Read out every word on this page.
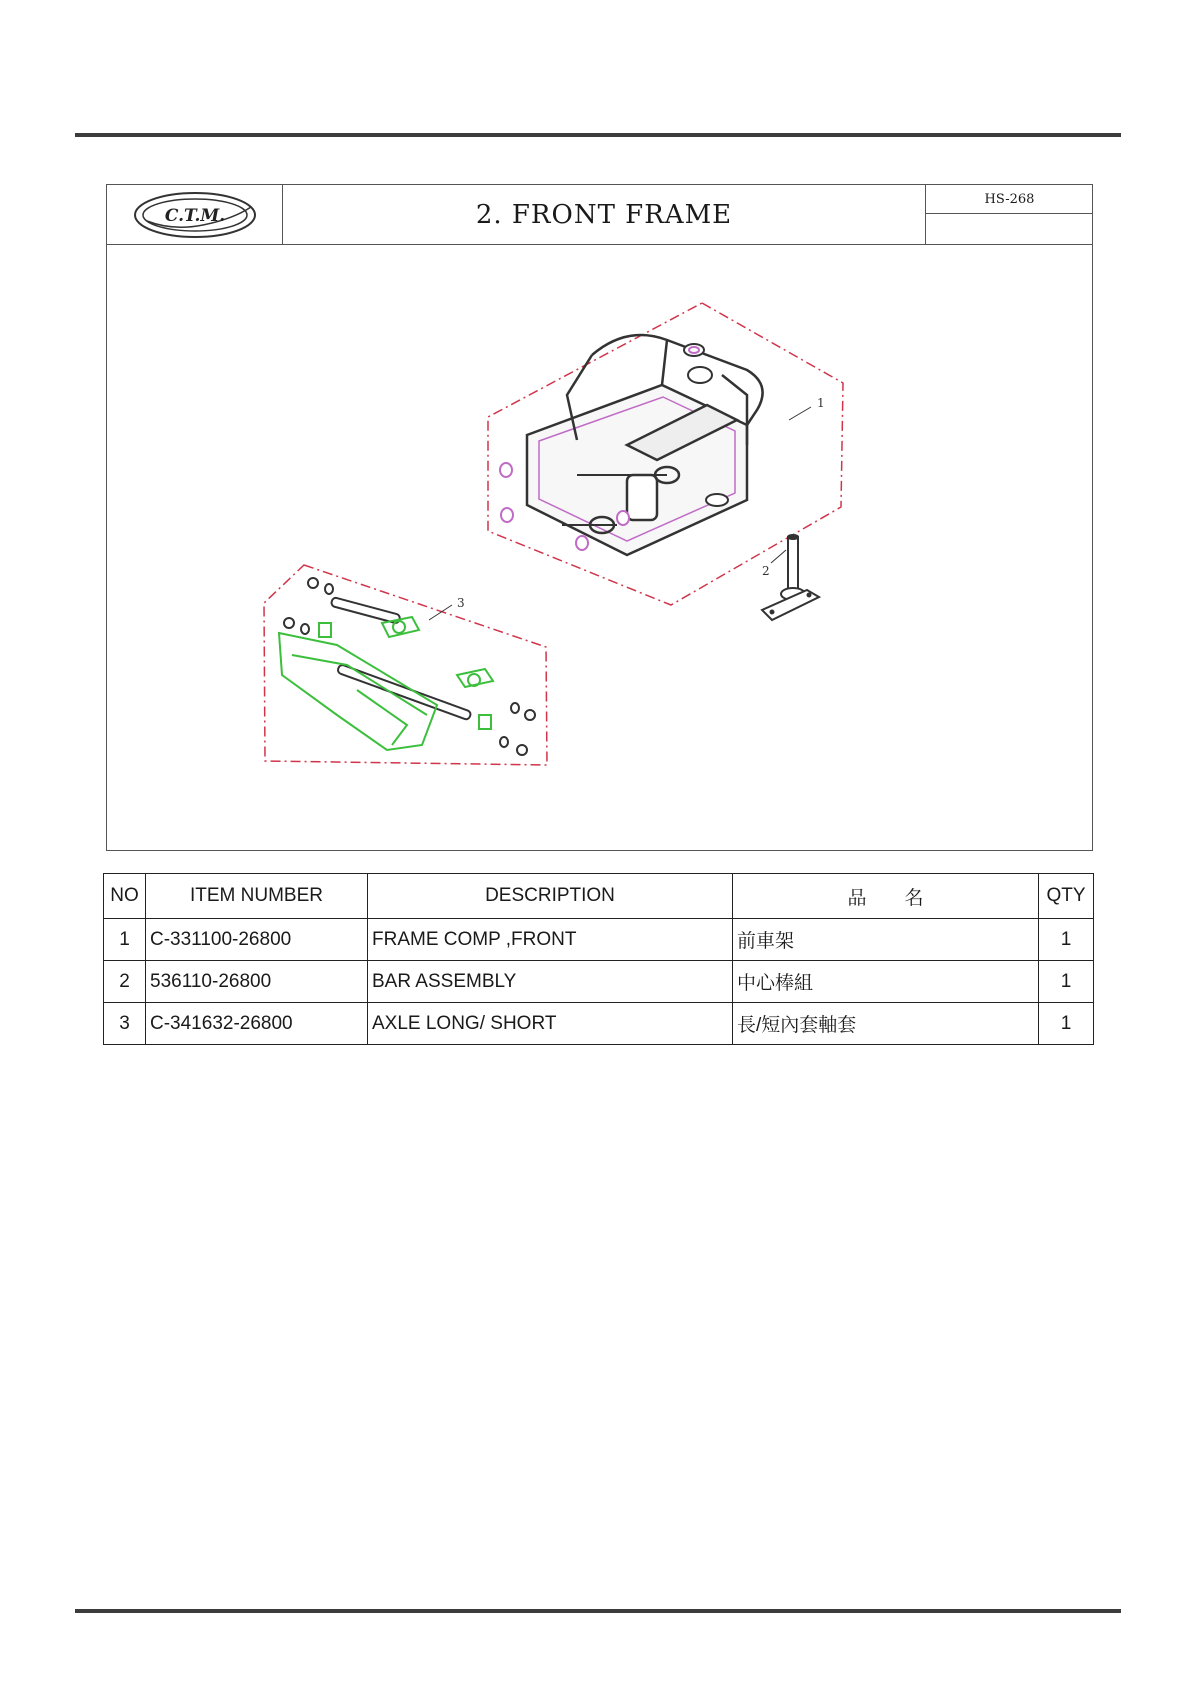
C.T.M.	2. FRONT FRAME
HS-268
1
2
3
NO	ITEM NUMBER	DESCRIPTION	品　　名	QTY
1	C-331100-26800	FRAME COMP ,FRONT	前車架	1
2	536110-26800	BAR ASSEMBLY	中心棒組	1
3	C-341632-26800	AXLE LONG/ SHORT	長/短內套軸套	1
